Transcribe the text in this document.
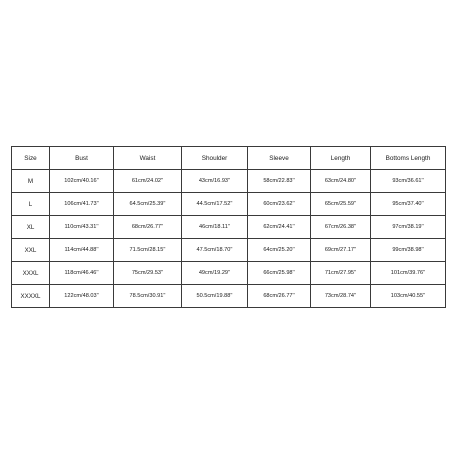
Size	Bust	Waist	Shoulder	Sleeve	Length	Bottoms Length
M	102cm/40.16''	61cm/24.02''	43cm/16.93''	58cm/22.83''	63cm/24.80''	93cm/36.61''
L	106cm/41.73''	64.5cm/25.39''	44.5cm/17.52''	60cm/23.62''	65cm/25.59''	95cm/37.40''
XL	110cm/43.31''	68cm/26.77''	46cm/18.11''	62cm/24.41''	67cm/26.38''	97cm/38.19''
XXL	114cm/44.88''	71.5cm/28.15''	47.5cm/18.70''	64cm/25.20''	69cm/27.17''	99cm/38.98''
XXXL	118cm/46.46''	75cm/29.53''	49cm/19.29''	66cm/25.98''	71cm/27.95''	101cm/39.76''
XXXXL	122cm/48.03''	78.5cm/30.91''	50.5cm/19.88''	68cm/26.77''	73cm/28.74''	103cm/40.55''
